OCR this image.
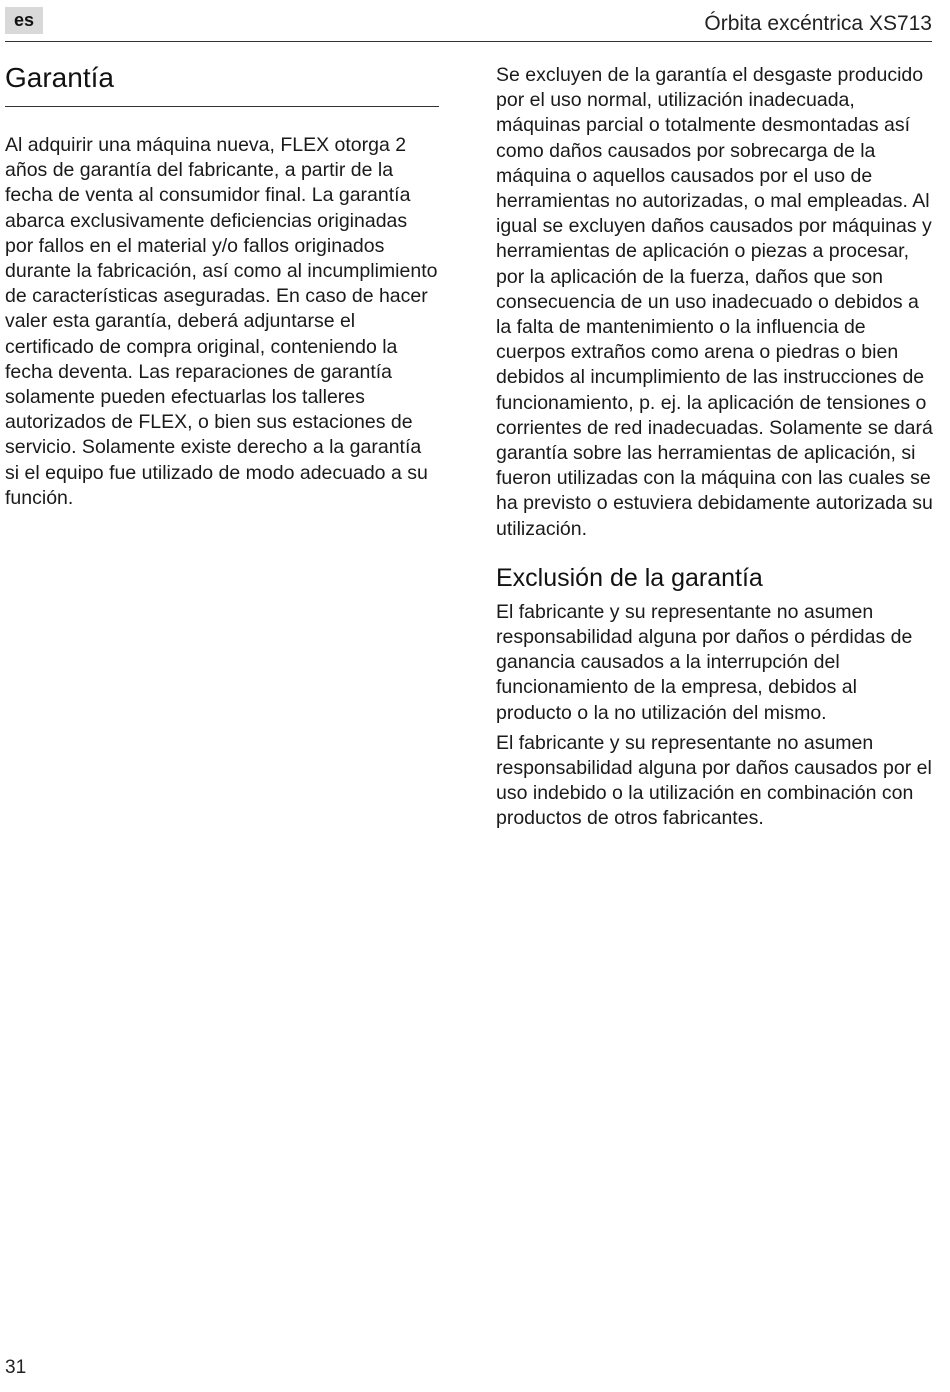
es	Órbita excéntrica XS713
Garantía

Al adquirir una máquina nueva, FLEX otorga 2 años de garantía del fabricante, a partir de la fecha de venta al consumidor final. La garantía abarca exclusivamente deficiencias originadas por fallos en el material y/o fallos originados durante la fabricación, así como al incumplimiento de características aseguradas. En caso de hacer valer esta garantía, deberá adjuntarse el certificado de compra original, conteniendo la fecha deventa. Las reparaciones de garantía solamente pueden efectuarlas los talleres autorizados de FLEX, o bien sus estaciones de servicio. Solamente existe derecho a la garantía si el equipo fue utilizado de modo adecuado a su función.

Se excluyen de la garantía el desgaste producido por el uso normal, utilización inadecuada, máquinas parcial o totalmente desmontadas así como daños causados por sobrecarga de la máquina o aquellos causados por el uso de herramientas no autorizadas, o mal empleadas. Al igual se excluyen daños causados por máquinas y herramientas de aplicación o piezas a procesar, por la aplicación de la fuerza, daños que son consecuencia de un uso inadecuado o debidos a la falta de mantenimiento o la influencia de cuerpos extraños como arena o piedras o bien debidos al incumplimiento de las instrucciones de funcionamiento, p. ej. la aplicación de tensiones o corrientes de red inadecuadas. Solamente se dará garantía sobre las herramientas de aplicación, si fueron utilizadas con la máquina con las cuales se ha previsto o estuviera debidamente autorizada su utilización.

Exclusión de la garantía

El fabricante y su representante no asumen responsabilidad alguna por daños o pérdidas de ganancia causados a la interrupción del funcionamiento de la empresa, debidos al producto o la no utilización del mismo.

El fabricante y su representante no asumen responsabilidad alguna por daños causados por el uso indebido o la utilización en combinación con productos de otros fabricantes.

31
